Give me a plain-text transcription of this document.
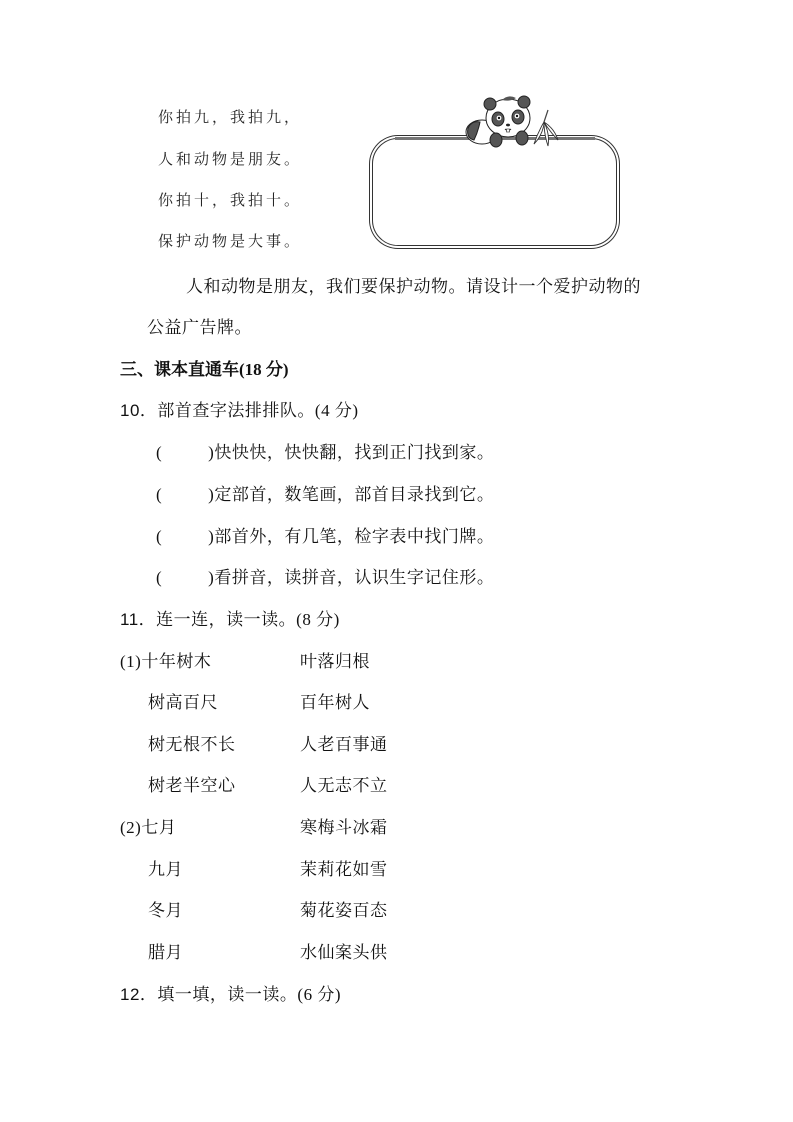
你拍九，我拍九，
人和动物是朋友。
你拍十，我拍十。
保护动物是大事。
人和动物是朋友，我们要保护动物。请设计一个爱护动物的
公益广告牌。
三、课本直通车(18 分)
10．部首查字法排排队。(4 分)
(	)快快快，快快翻，找到正门找到家。
(	)定部首，数笔画，部首目录找到它。
(	)部首外，有几笔，检字表中找门牌。
(	)看拼音，读拼音，认识生字记住形。
11．连一连，读一读。(8 分)
(1)十年树木	叶落归根
树高百尺	百年树人
树无根不长	人老百事通
树老半空心	人无志不立
(2)七月	寒梅斗冰霜
九月	茉莉花如雪
冬月	菊花姿百态
腊月	水仙案头供
12．填一填，读一读。(6 分)
